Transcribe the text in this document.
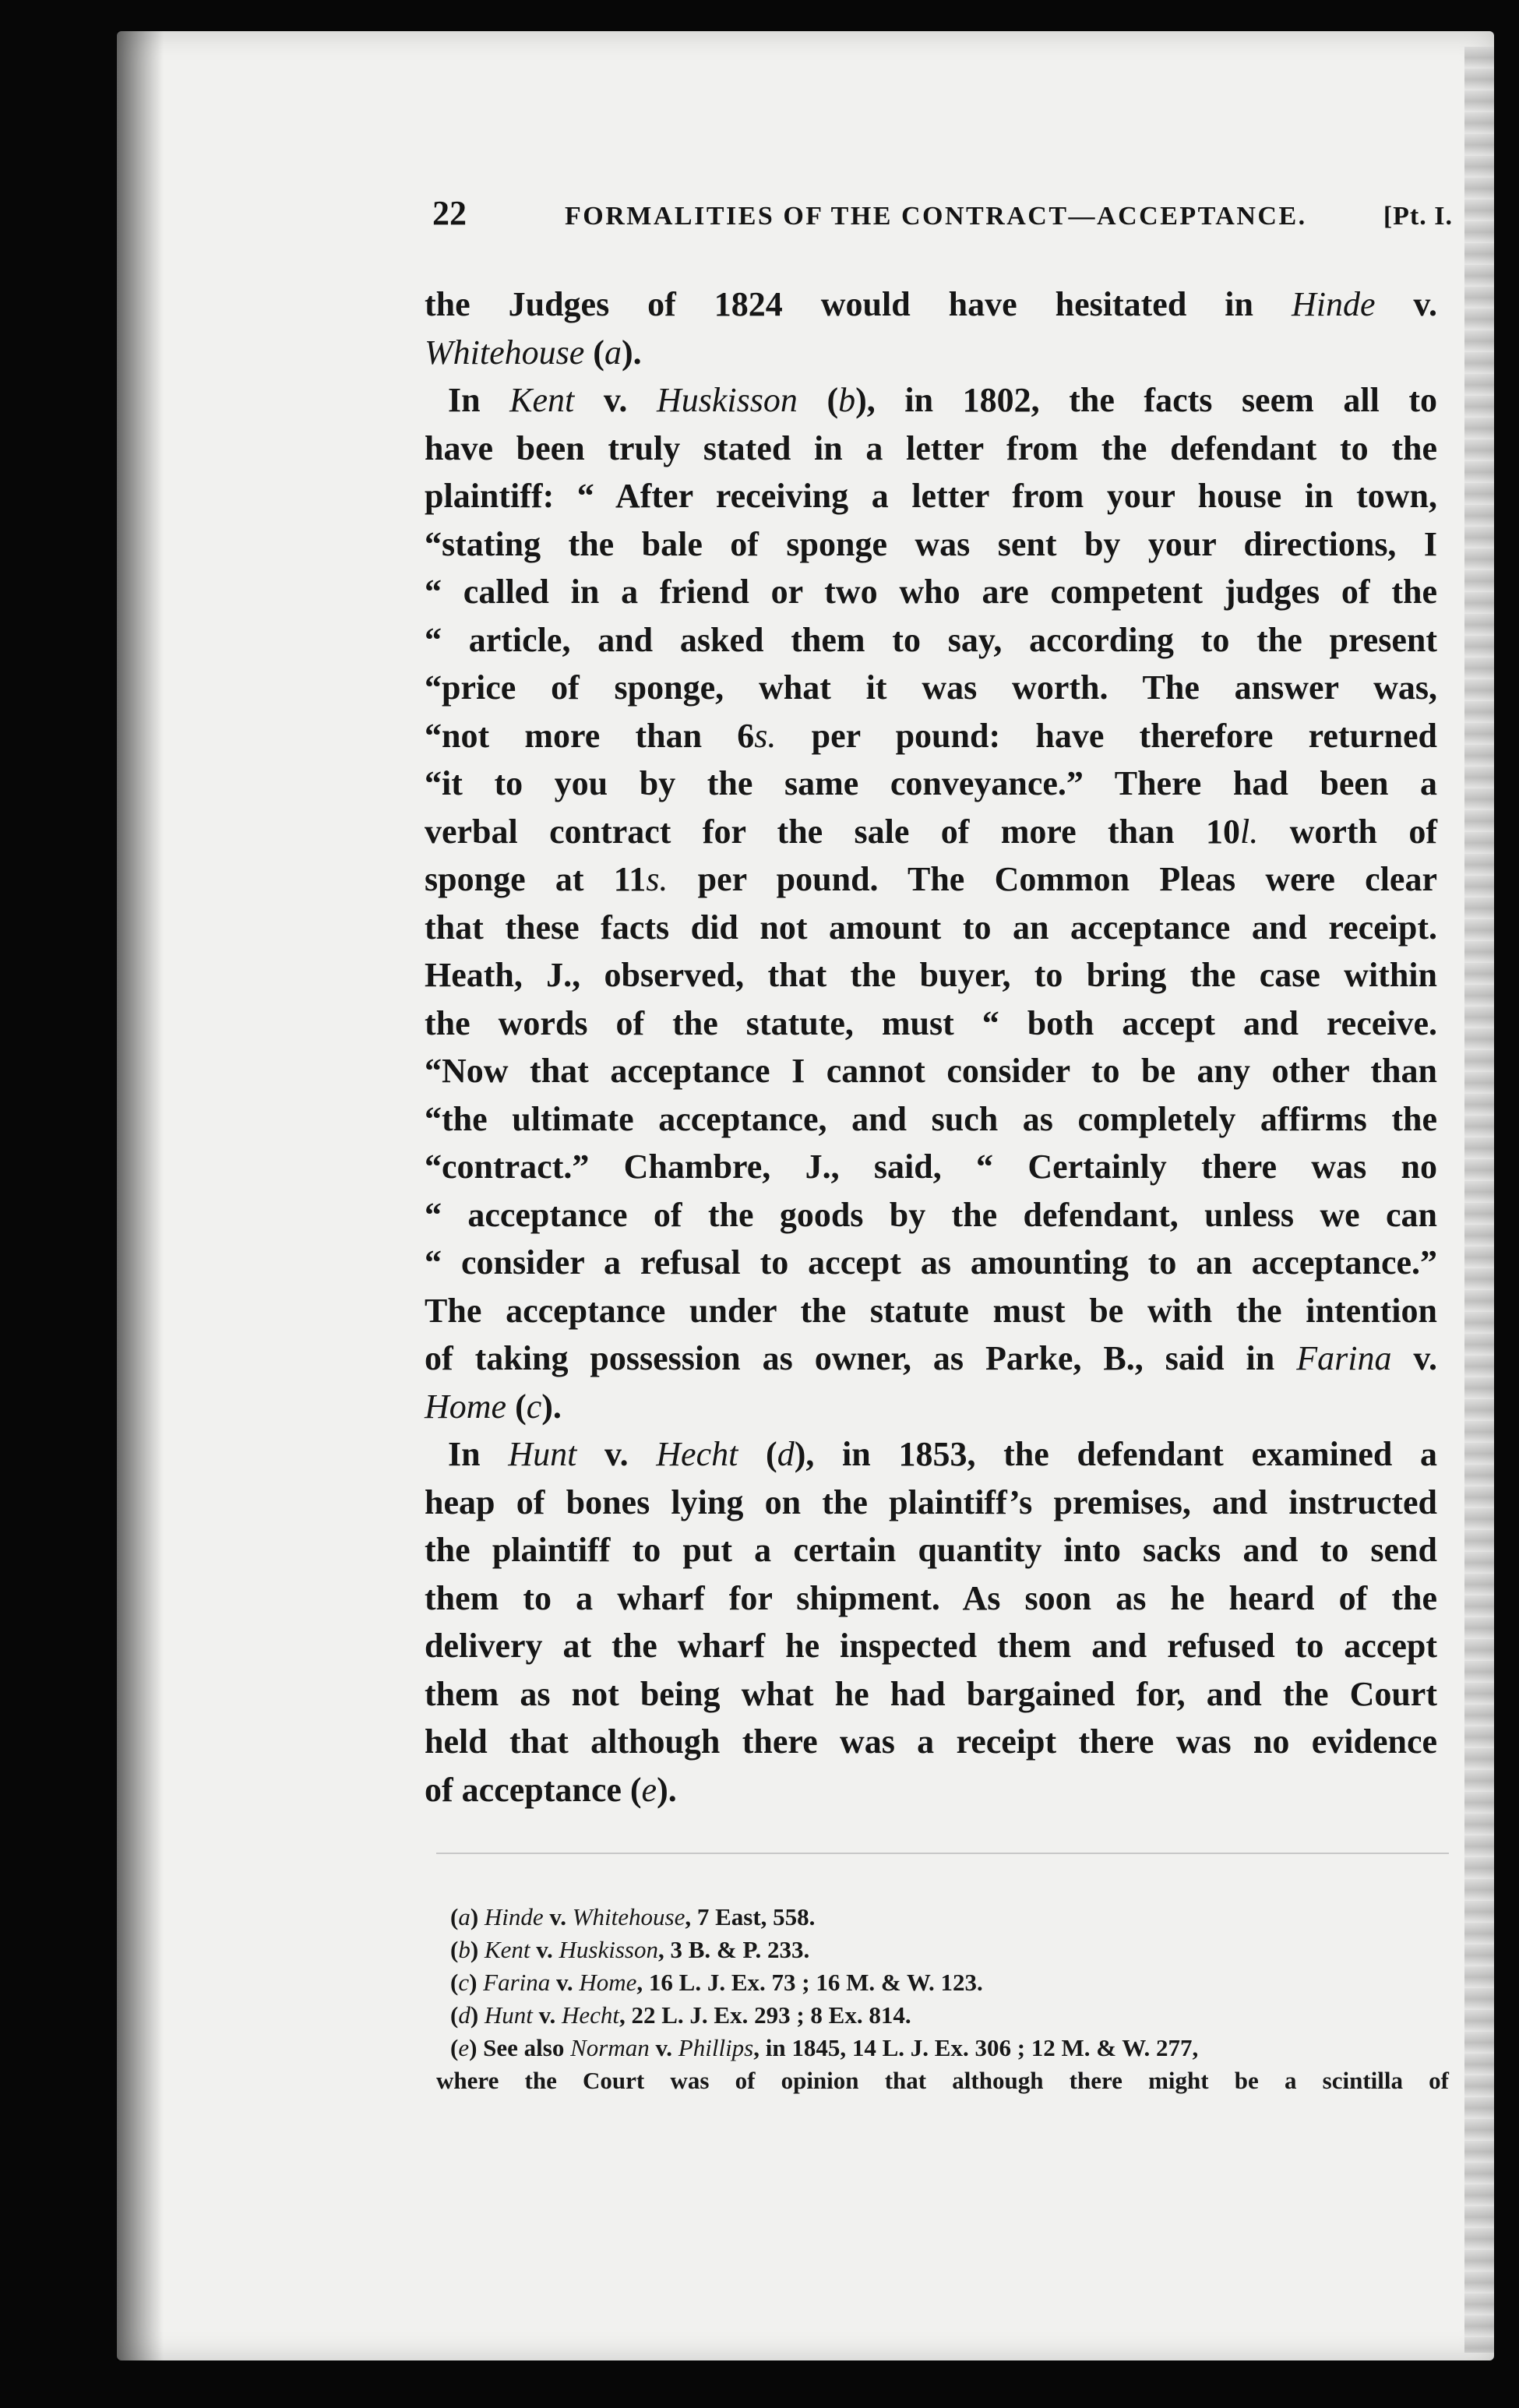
22	FORMALITIES OF THE CONTRACT—ACCEPTANCE.	[Pt. I.
the Judges of 1824 would have hesitated in Hinde v.
Whitehouse (a).
In Kent v. Huskisson (b), in 1802, the facts seem all to
have been truly stated in a letter from the defendant to the
plaintiff: “ After receiving a letter from your house in town,
“stating the bale of sponge was sent by your directions, I
“ called in a friend or two who are competent judges of the
“ article, and asked them to say, according to the present
“price of sponge, what it was worth. The answer was,
“not more than 6s. per pound: have therefore returned
“it to you by the same conveyance.” There had been a
verbal contract for the sale of more than 10l. worth of
sponge at 11s. per pound. The Common Pleas were clear
that these facts did not amount to an acceptance and receipt.
Heath, J., observed, that the buyer, to bring the case within
the words of the statute, must “ both accept and receive.
“Now that acceptance I cannot consider to be any other than
“the ultimate acceptance, and such as completely affirms the
“contract.” Chambre, J., said, “ Certainly there was no
“ acceptance of the goods by the defendant, unless we can
“ consider a refusal to accept as amounting to an acceptance.”
The acceptance under the statute must be with the intention
of taking possession as owner, as Parke, B., said in Farina v.
Home (c).
In Hunt v. Hecht (d), in 1853, the defendant examined a
heap of bones lying on the plaintiff’s premises, and instructed
the plaintiff to put a certain quantity into sacks and to send
them to a wharf for shipment. As soon as he heard of the
delivery at the wharf he inspected them and refused to accept
them as not being what he had bargained for, and the Court
held that although there was a receipt there was no evidence
of acceptance (e).
(a) Hinde v. Whitehouse, 7 East, 558.
(b) Kent v. Huskisson, 3 B. & P. 233.
(c) Farina v. Home, 16 L. J. Ex. 73 ; 16 M. & W. 123.
(d) Hunt v. Hecht, 22 L. J. Ex. 293 ; 8 Ex. 814.
(e) See also Norman v. Phillips, in 1845, 14 L. J. Ex. 306 ; 12 M. & W. 277,
where the Court was of opinion that although there might be a scintilla of
